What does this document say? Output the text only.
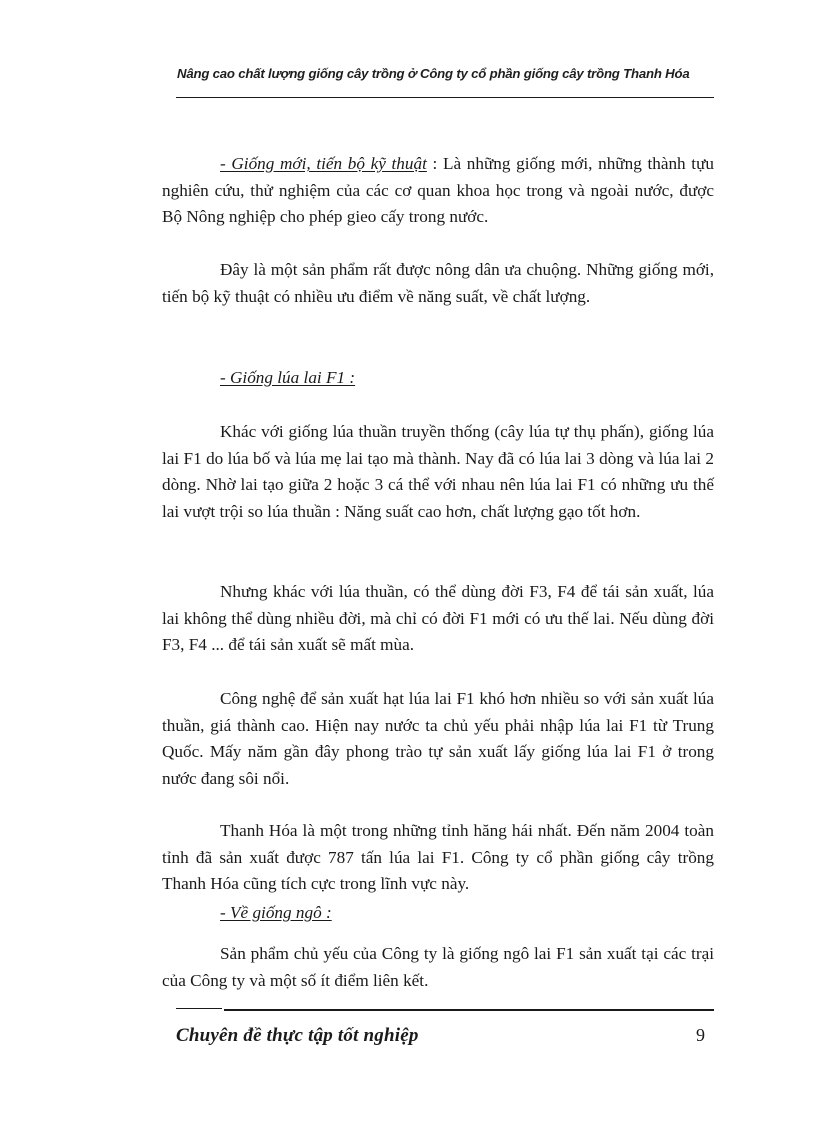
Nâng cao chất lượng giống cây trồng ở Công ty cổ phần giống cây trồng Thanh Hóa

- Giống mới, tiến bộ kỹ thuật : Là những giống mới, những thành tựu nghiên cứu, thử nghiệm của các cơ quan khoa học trong và ngoài nước, được Bộ Nông nghiệp cho phép gieo cấy trong nước.

Đây là một sản phẩm rất được nông dân ưa chuộng. Những giống mới, tiến bộ kỹ thuật có nhiều ưu điểm về năng suất, về chất lượng.

- Giống lúa lai F1 :

Khác với giống lúa thuần truyền thống (cây lúa tự thụ phấn), giống lúa lai F1 do lúa bố và lúa mẹ lai tạo mà thành. Nay đã có lúa lai 3 dòng và lúa lai 2 dòng. Nhờ lai tạo giữa 2 hoặc 3 cá thể với nhau nên lúa lai F1 có những ưu thế lai vượt trội so lúa thuần : Năng suất cao hơn, chất lượng gạo tốt hơn.

Nhưng khác với lúa thuần, có thể dùng đời F3, F4 để tái sản xuất, lúa lai không thể dùng nhiều đời, mà chỉ có đời F1 mới có ưu thế lai. Nếu dùng đời F3, F4 ... để tái sản xuất sẽ mất mùa.

Công nghệ để sản xuất hạt lúa lai F1 khó hơn nhiều so với sản xuất lúa thuần, giá thành cao. Hiện nay nước ta chủ yếu phải nhập lúa lai F1 từ Trung Quốc. Mấy năm gần đây phong trào tự sản xuất lấy giống lúa lai F1 ở trong nước đang sôi nổi.

Thanh Hóa là một trong những tỉnh hăng hái nhất. Đến năm 2004 toàn tỉnh đã sản xuất được 787 tấn lúa lai F1. Công ty cổ phần giống cây trồng Thanh Hóa cũng tích cực trong lĩnh vực này.

- Về giống ngô :

Sản phẩm chủ yếu của Công ty là giống ngô lai F1 sản xuất tại các trại của Công ty và một số ít điểm liên kết.

Chuyên đề thực tập tốt nghiệp	9
